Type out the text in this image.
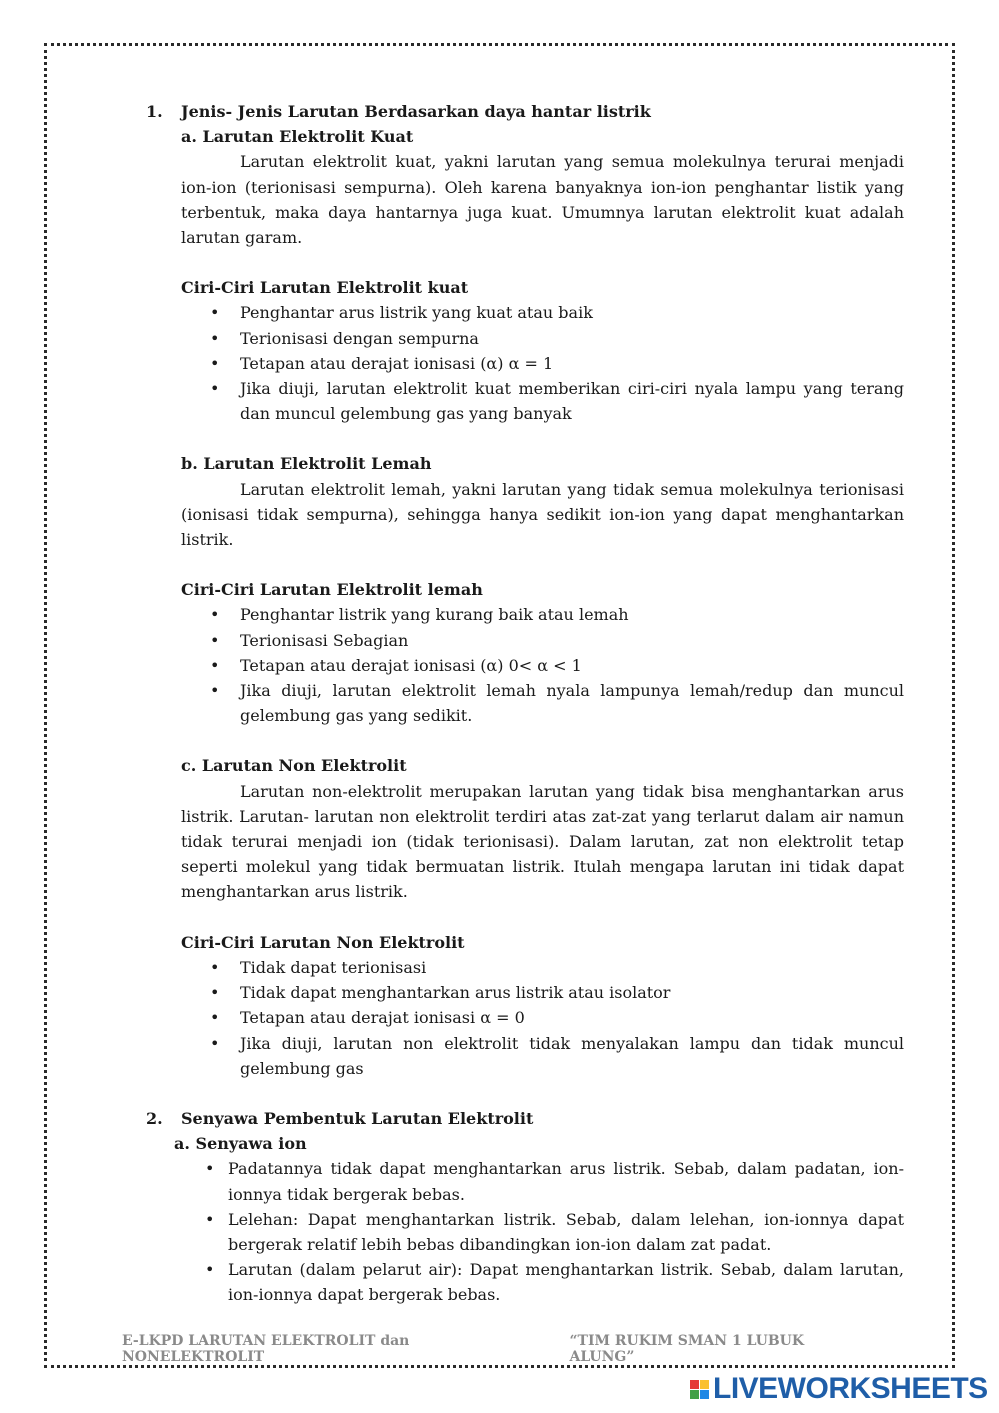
1.	Jenis- Jenis Larutan Berdasarkan daya hantar listrik
a. Larutan Elektrolit Kuat
Larutan elektrolit kuat, yakni larutan yang semua molekulnya terurai menjadi ion-ion (terionisasi sempurna). Oleh karena banyaknya ion-ion penghantar listik yang terbentuk, maka daya hantarnya juga kuat. Umumnya larutan elektrolit kuat adalah larutan garam.
Ciri-Ciri Larutan Elektrolit kuat
• Penghantar arus listrik yang kuat atau baik
• Terionisasi dengan sempurna
• Tetapan atau derajat ionisasi (α) α = 1
• Jika diuji, larutan elektrolit kuat memberikan ciri-ciri nyala lampu yang terang dan muncul gelembung gas yang banyak
b. Larutan Elektrolit Lemah
Larutan elektrolit lemah, yakni larutan yang tidak semua molekulnya terionisasi (ionisasi tidak sempurna), sehingga hanya sedikit ion-ion yang dapat menghantarkan listrik.
Ciri-Ciri Larutan Elektrolit lemah
• Penghantar listrik yang kurang baik atau lemah
• Terionisasi Sebagian
• Tetapan atau derajat ionisasi (α) 0< α < 1
• Jika diuji, larutan elektrolit lemah nyala lampunya lemah/redup dan muncul gelembung gas yang sedikit.
c. Larutan Non Elektrolit
Larutan non-elektrolit merupakan larutan yang tidak bisa menghantarkan arus listrik. Larutan- larutan non elektrolit terdiri atas zat-zat yang terlarut dalam air namun tidak terurai menjadi ion (tidak terionisasi). Dalam larutan, zat non elektrolit tetap seperti molekul yang tidak bermuatan listrik. Itulah mengapa larutan ini tidak dapat menghantarkan arus listrik.
Ciri-Ciri Larutan Non Elektrolit
• Tidak dapat terionisasi
• Tidak dapat menghantarkan arus listrik atau isolator
• Tetapan atau derajat ionisasi α = 0
• Jika diuji, larutan non elektrolit tidak menyalakan lampu dan tidak muncul gelembung gas
2.	Senyawa Pembentuk Larutan Elektrolit
a. Senyawa ion
• Padatannya tidak dapat menghantarkan arus listrik. Sebab, dalam padatan, ion-ionnya tidak bergerak bebas.
• Lelehan: Dapat menghantarkan listrik. Sebab, dalam lelehan, ion-ionnya dapat bergerak relatif lebih bebas dibandingkan ion-ion dalam zat padat.
• Larutan (dalam pelarut air): Dapat menghantarkan listrik. Sebab, dalam larutan, ion-ionnya dapat bergerak bebas.
E-LKPD LARUTAN ELEKTROLIT dan NONELEKTROLIT
“TIM RUKIM SMAN 1 LUBUK ALUNG”
LIVEWORKSHEETS
